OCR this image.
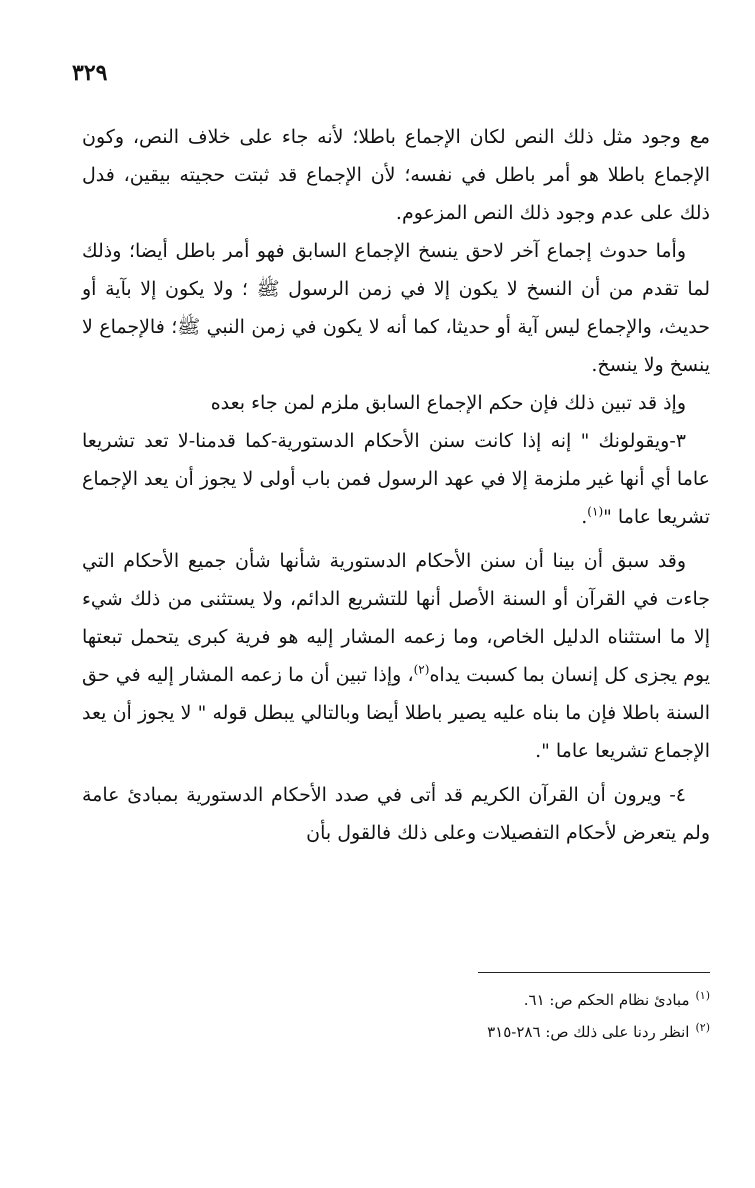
٣٢٩

مع وجود مثل ذلك النص لكان الإجماع باطلا؛ لأنه جاء على خلاف النص، وكون الإجماع باطلا هو أمر باطل في نفسه؛ لأن الإجماع قد ثبتت حجيته بيقين، فدل ذلك على عدم وجود ذلك النص المزعوم.

وأما حدوث إجماع آخر لاحق ينسخ الإجماع السابق فهو أمر باطل أيضا؛ وذلك لما تقدم من أن النسخ لا يكون إلا في زمن الرسول ﷺ ؛ ولا يكون إلا بآية أو حديث، والإجماع ليس آية أو حديثا، كما أنه لا يكون في زمن النبي ﷺ؛ فالإجماع لا ينسخ ولا ينسخ.

وإذ قد تبين ذلك فإن حكم الإجماع السابق ملزم لمن جاء بعده

٣-ويقولونك " إنه إذا كانت سنن الأحكام الدستورية-كما قدمنا-لا تعد تشريعا عاما أي أنها غير ملزمة إلا في عهد الرسول فمن باب أولى لا يجوز أن يعد الإجماع تشريعا عاما "$^{(١)}$.

وقد سبق أن بينا أن سنن الأحكام الدستورية شأنها شأن جميع الأحكام التي جاءت في القرآن أو السنة الأصل أنها للتشريع الدائم، ولا يستثنى من ذلك شيء إلا ما استثناه الدليل الخاص، وما زعمه المشار إليه هو فرية كبرى يتحمل تبعتها يوم يجزى كل إنسان بما كسبت يداه$^{(٢)}$، وإذا تبين أن ما زعمه المشار إليه في حق السنة باطلا فإن ما بناه عليه يصير باطلا أيضا وبالتالي يبطل قوله " لا يجوز أن يعد الإجماع تشريعا عاما ".

٤- ويرون أن القرآن الكريم قد أتى في صدد الأحكام الدستورية بمبادئ عامة ولم يتعرض لأحكام التفصيلات وعلى ذلك فالقول بأن

$^{(١)}$مبادئ نظام الحكم ص: ٦١.

$^{(٢)}$انظر ردنا على ذلك ص: ٢٨٦-٣١٥
